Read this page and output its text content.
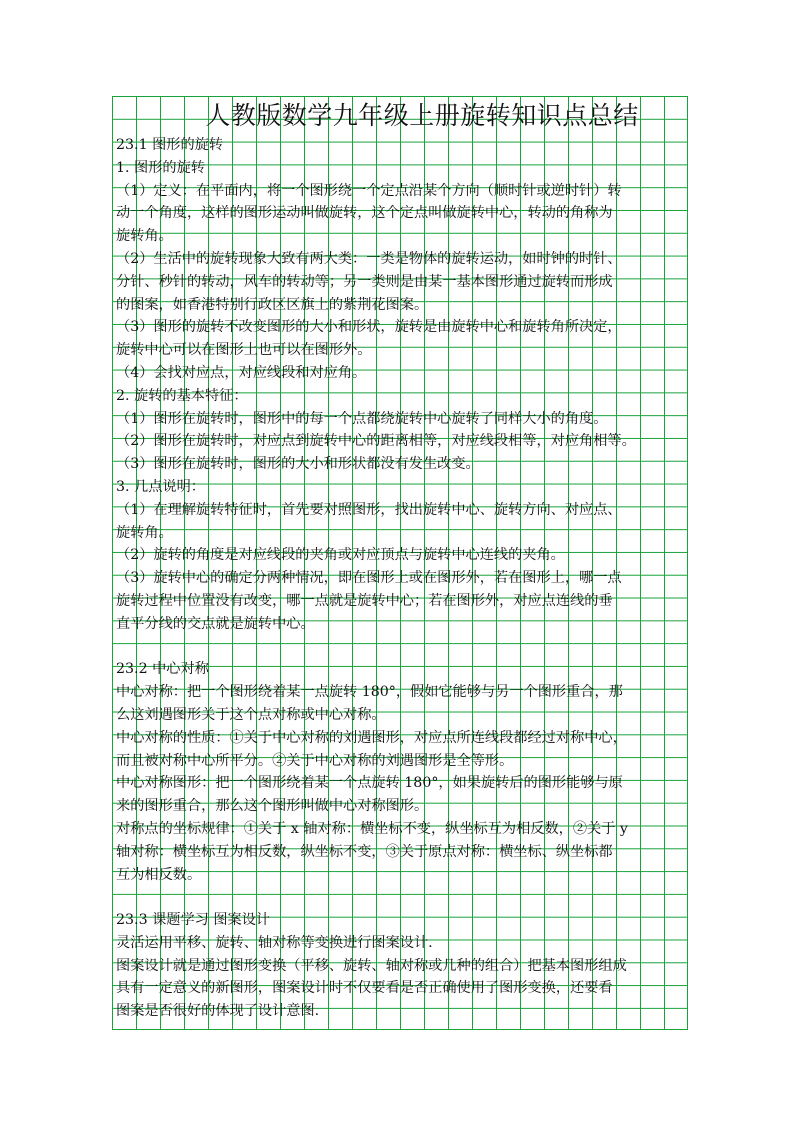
人教版数学九年级上册旋转知识点总结
23.1 图形的旋转
1. 图形的旋转
（1）定义：在平面内，将一个图形绕一个定点沿某个方向（顺时针或逆时针）转
动一个角度，这样的图形运动叫做旋转，这个定点叫做旋转中心，转动的角称为
旋转角。
（2）生活中的旋转现象大致有两大类：一类是物体的旋转运动，如时钟的时针、
分针、秒针的转动，风车的转动等；另一类则是由某一基本图形通过旋转而形成
的图案，如香港特别行政区区旗上的紫荆花图案。
（3）图形的旋转不改变图形的大小和形状，旋转是由旋转中心和旋转角所决定，
旋转中心可以在图形上也可以在图形外。
（4）会找对应点，对应线段和对应角。
2. 旋转的基本特征：
（1）图形在旋转时，图形中的每一个点都绕旋转中心旋转了同样大小的角度。
（2）图形在旋转时，对应点到旋转中心的距离相等，对应线段相等，对应角相等。
（3）图形在旋转时，图形的大小和形状都没有发生改变。
3. 几点说明：
（1）在理解旋转特征时，首先要对照图形，找出旋转中心、旋转方向、对应点、
旋转角。
（2）旋转的角度是对应线段的夹角或对应顶点与旋转中心连线的夹角。
（3）旋转中心的确定分两种情况，即在图形上或在图形外，若在图形上，哪一点
旋转过程中位置没有改变，哪一点就是旋转中心；若在图形外，对应点连线的垂
直平分线的交点就是旋转中心。
23.2 中心对称
中心对称：把一个图形绕着某一点旋转 180°，假如它能够与另一个图形重合，那
么这刘遇图形关于这个点对称或中心对称。
中心对称的性质：①关于中心对称的刘遇图形，对应点所连线段都经过对称中心，
而且被对称中心所平分。②关于中心对称的刘遇图形是全等形。
中心对称图形：把一个图形绕着某一个点旋转 180°，如果旋转后的图形能够与原
来的图形重合，那么这个图形叫做中心对称图形。
对称点的坐标规律：①关于 x 轴对称：横坐标不变，纵坐标互为相反数，②关于 y
轴对称：横坐标互为相反数，纵坐标不变，③关于原点对称：横坐标、纵坐标都
互为相反数。
23.3 课题学习 图案设计
灵活运用平移、旋转、轴对称等变换进行图案设计.
图案设计就是通过图形变换（平移、旋转、轴对称或几种的组合）把基本图形组成
具有一定意义的新图形，图案设计时不仅要看是否正确使用了图形变换，还要看
图案是否很好的体现了设计意图.
